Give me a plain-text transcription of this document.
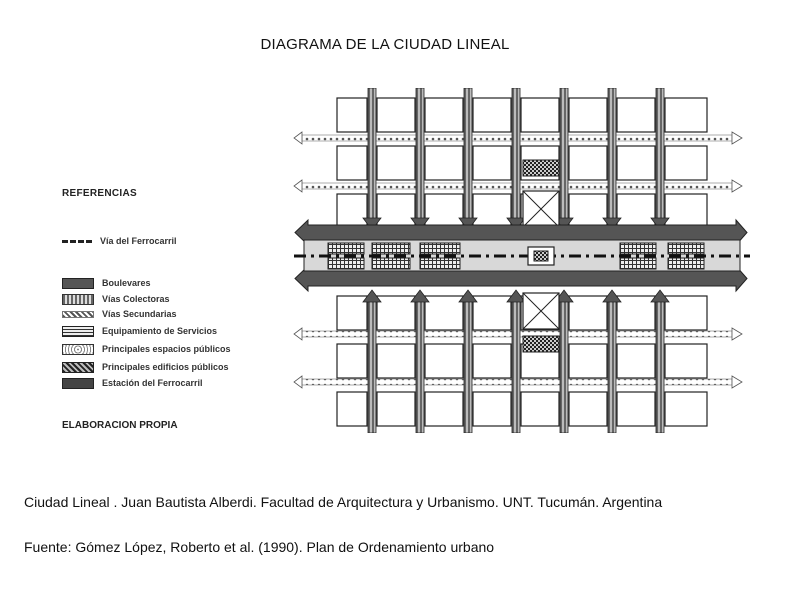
DIAGRAMA DE LA CIUDAD LINEAL
REFERENCIAS
Vía del Ferrocarril
Boulevares
Vías Colectoras
Vías Secundarias
Equipamiento de Servicios
Principales espacios públicos
Principales edificios públicos
Estación del Ferrocarril
ELABORACION PROPIA
Ciudad Lineal . Juan Bautista Alberdi. Facultad de Arquitectura y Urbanismo. UNT. Tucumán. Argentina
Fuente: Gómez López, Roberto et al. (1990). Plan de Ordenamiento urbano
